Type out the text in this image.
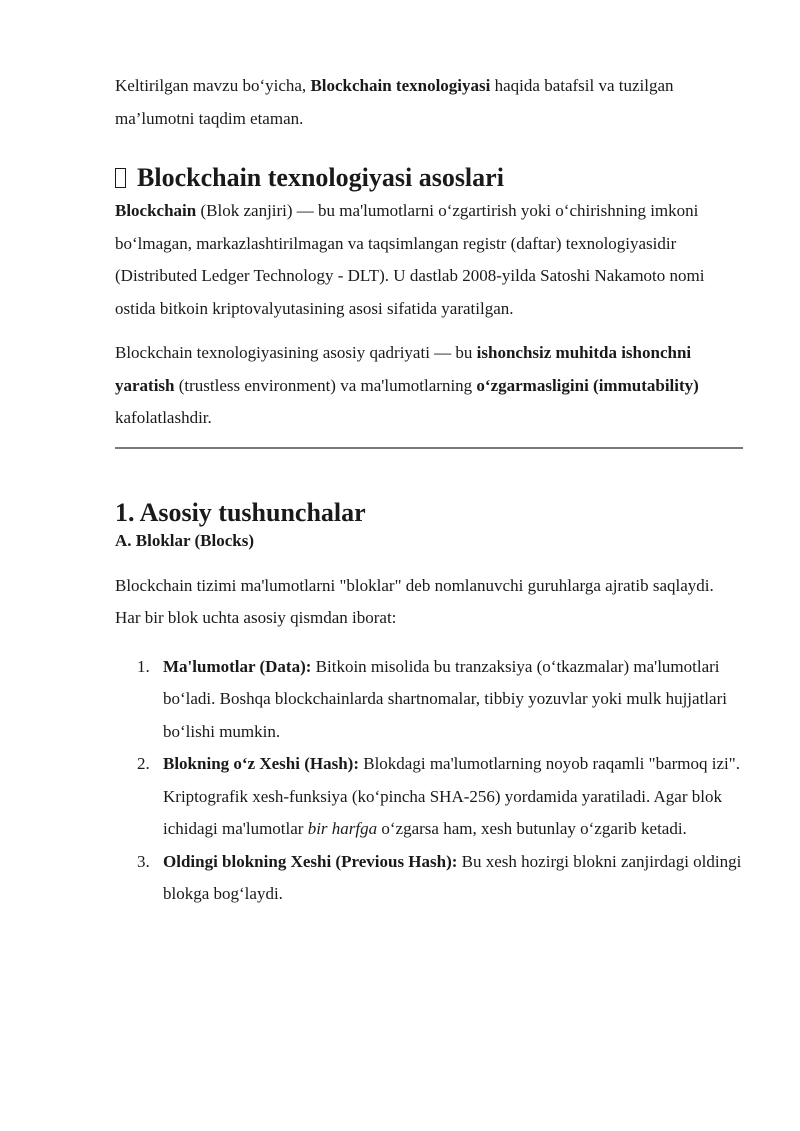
Keltirilgan mavzu bo‘yicha, Blockchain texnologiyasi haqida batafsil va tuzilgan ma’lumotni taqdim etaman.

Blockchain texnologiyasi asoslari

Blockchain (Blok zanjiri) — bu ma'lumotlarni o‘zgartirish yoki o‘chirishning imkoni bo‘lmagan, markazlashtirilmagan va taqsimlangan registr (daftar) texnologiyasidir (Distributed Ledger Technology - DLT). U dastlab 2008-yilda Satoshi Nakamoto nomi ostida bitkoin kriptovalyutasining asosi sifatida yaratilgan.

Blockchain texnologiyasining asosiy qadriyati — bu ishonchsiz muhitda ishonchni yaratish (trustless environment) va ma'lumotlarning o‘zgarmasligini (immutability) kafolatlashdir.

1. Asosiy tushunchalar
A. Bloklar (Blocks)

Blockchain tizimi ma'lumotlarni "bloklar" deb nomlanuvchi guruhlarga ajratib saqlaydi. Har bir blok uchta asosiy qismdan iborat:

1. Ma'lumotlar (Data): Bitkoin misolida bu tranzaksiya (o‘tkazmalar) ma'lumotlari bo‘ladi. Boshqa blockchainlarda shartnomalar, tibbiy yozuvlar yoki mulk hujjatlari bo‘lishi mumkin.
2. Blokning o‘z Xeshi (Hash): Blokdagi ma'lumotlarning noyob raqamli "barmoq izi". Kriptografik xesh-funksiya (ko‘pincha SHA-256) yordamida yaratiladi. Agar blok ichidagi ma'lumotlar bir harfga o‘zgarsa ham, xesh butunlay o‘zgarib ketadi.
3. Oldingi blokning Xeshi (Previous Hash): Bu xesh hozirgi blokni zanjirdagi oldingi blokga bog‘laydi.
